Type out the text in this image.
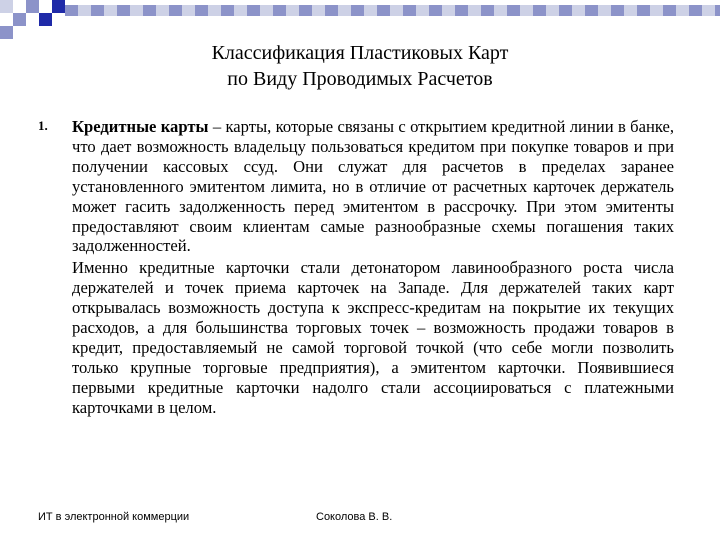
Классификация Пластиковых Карт
по Виду Проводимых Расчетов
1. Кредитные карты – карты, которые связаны с открытием кредитной линии в банке, что дает возможность владельцу пользоваться кредитом при покупке товаров и при получении кассовых ссуд. Они служат для расчетов в пределах заранее установленного эмитентом лимита, но в отличие от расчетных карточек держатель может гасить задолженность перед эмитентом в рассрочку. При этом эмитенты предоставляют своим клиентам самые разнообразные схемы погашения таких задолженностей.

Именно кредитные карточки стали детонатором лавинообразного роста числа держателей и точек приема карточек на Западе. Для держателей таких карт открывалась возможность доступа к экспресс-кредитам на покрытие их текущих расходов, а для большинства торговых точек – возможность продажи товаров в кредит, предоставляемый не самой торговой точкой (что себе могли позволить только крупные торговые предприятия), а эмитентом карточки. Появившиеся первыми кредитные карточки надолго стали ассоциироваться с платежными карточками в целом.

ИТ в электронной коммерции	Соколова В. В.
